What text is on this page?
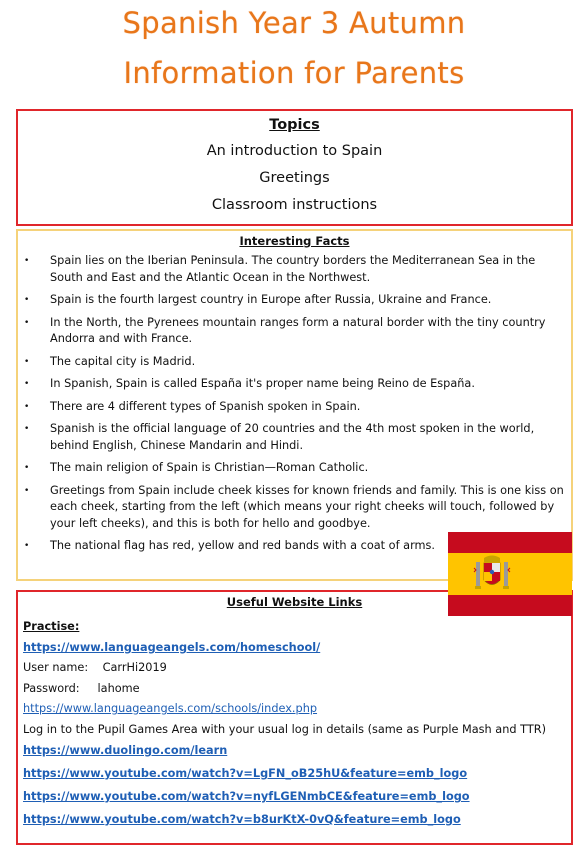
Spanish Year 3 Autumn
Information for Parents
Topics
An introduction to Spain
Greetings
Classroom instructions
Interesting Facts
• Spain lies on the Iberian Peninsula. The country borders the Mediterranean Sea in the South and East and the Atlantic Ocean in the Northwest.
• Spain is the fourth largest country in Europe after Russia, Ukraine and France.
• In the North, the Pyrenees mountain ranges form a natural border with the tiny country Andorra and with France.
• The capital city is Madrid.
• In Spanish, Spain is called España it's proper name being Reino de España.
• There are 4 different types of Spanish spoken in Spain.
• Spanish is the official language of 20 countries and the 4th most spoken in the world, behind English, Chinese Mandarin and Hindi.
• The main religion of Spain is Christian—Roman Catholic.
• Greetings from Spain include cheek kisses for known friends and family. This is one kiss on each cheek, starting from the left (which means your right cheeks will touch, followed by your left cheeks), and this is both for hello and goodbye.
• The national flag has red, yellow and red bands with a coat of arms.
Useful Website Links
Practise:
https://www.languageangels.com/homeschool/
User name: CarrHi2019
Password: lahome
https://www.languageangels.com/schools/index.php
Log in to the Pupil Games Area with your usual log in details (same as Purple Mash and TTR)
https://www.duolingo.com/learn
https://www.youtube.com/watch?v=LgFN_oB25hU&feature=emb_logo
https://www.youtube.com/watch?v=nyfLGENmbCE&feature=emb_logo
https://www.youtube.com/watch?v=b8urKtX-0vQ&feature=emb_logo
